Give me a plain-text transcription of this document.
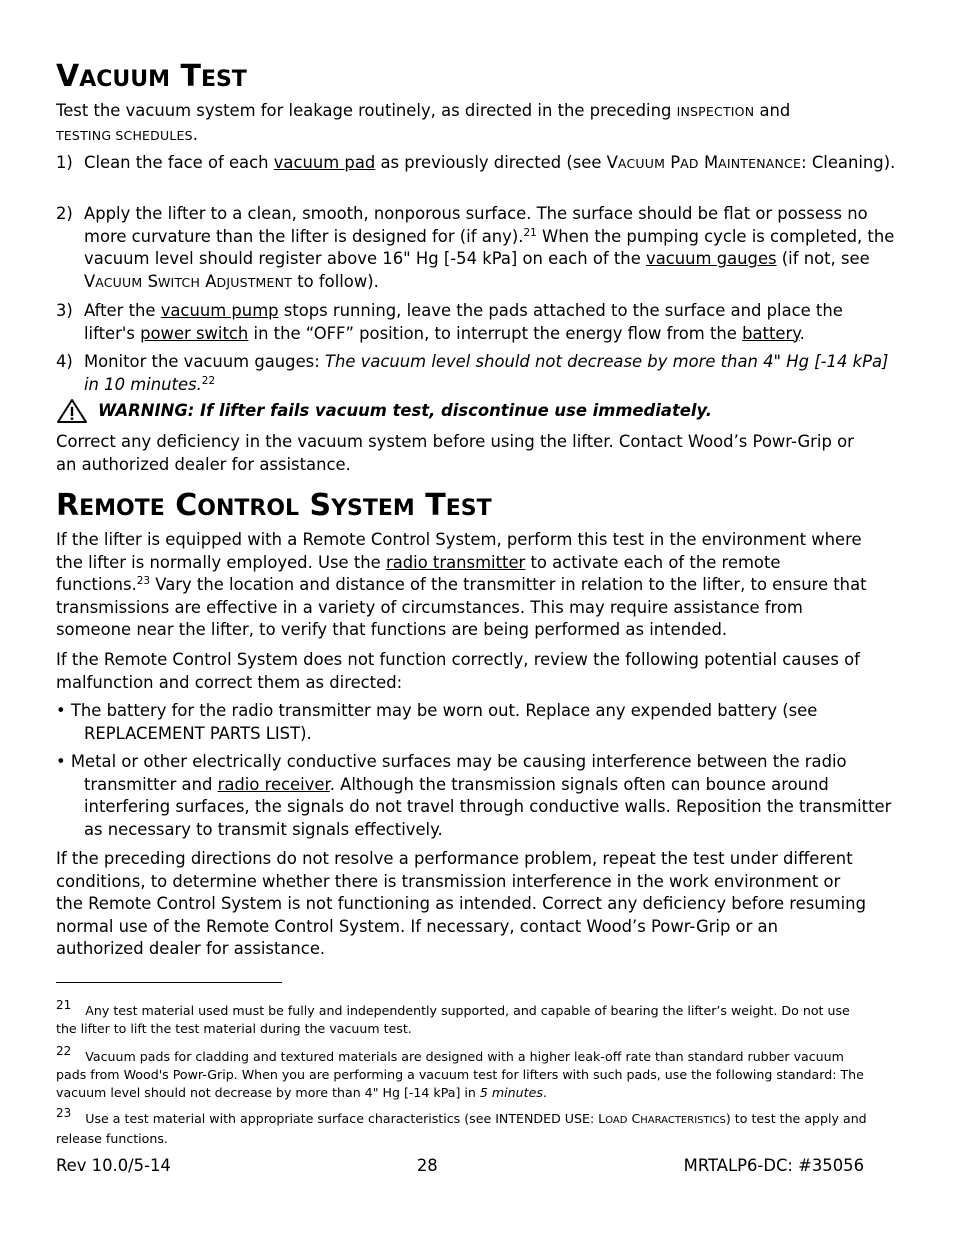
VACUUM TEST

Test the vacuum system for leakage routinely, as directed in the preceding INSPECTION and
TESTING SCHEDULES.

1) Clean the face of each vacuum pad as previously directed (see VACUUM PAD MAINTENANCE: Cleaning).
2) Apply the lifter to a clean, smooth, nonporous surface. The surface should be flat or possess no more curvature than the lifter is designed for (if any).$^{21}$ When the pumping cycle is completed, the vacuum level should register above 16" Hg [-54 kPa] on each of the vacuum gauges (if not, see VACUUM SWITCH ADJUSTMENT to follow).
3) After the vacuum pump stops running, leave the pads attached to the surface and place the lifter's power switch in the “OFF” position, to interrupt the energy flow from the battery.
4) Monitor the vacuum gauges: The vacuum level should not decrease by more than 4" Hg [-14 kPa] in 10 minutes.$^{22}$
WARNING: If lifter fails vacuum test, discontinue use immediately.

Correct any deficiency in the vacuum system before using the lifter. Contact Wood’s Powr-Grip or an authorized dealer for assistance.

REMOTE CONTROL SYSTEM TEST

If the lifter is equipped with a Remote Control System, perform this test in the environment where the lifter is normally employed. Use the radio transmitter to activate each of the remote functions.$^{23}$ Vary the location and distance of the transmitter in relation to the lifter, to ensure that transmissions are effective in a variety of circumstances. This may require assistance from someone near the lifter, to verify that functions are being performed as intended.

If the Remote Control System does not function correctly, review the following potential causes of malfunction and correct them as directed:

• The battery for the radio transmitter may be worn out. Replace any expended battery (see REPLACEMENT PARTS LIST).

• Metal or other electrically conductive surfaces may be causing interference between the radio transmitter and radio receiver. Although the transmission signals often can bounce around interfering surfaces, the signals do not travel through conductive walls. Reposition the transmitter as necessary to transmit signals effectively.

If the preceding directions do not resolve a performance problem, repeat the test under different conditions, to determine whether there is transmission interference in the work environment or the Remote Control System is not functioning as intended. Correct any deficiency before resuming normal use of the Remote Control System. If necessary, contact Wood’s Powr-Grip or an authorized dealer for assistance.

21 Any test material used must be fully and independently supported, and capable of bearing the lifter’s weight. Do not use the lifter to lift the test material during the vacuum test.

22 Vacuum pads for cladding and textured materials are designed with a higher leak-off rate than standard rubber vacuum pads from Wood's Powr-Grip. When you are performing a vacuum test for lifters with such pads, use the following standard: The vacuum level should not decrease by more than 4" Hg [-14 kPa] in 5 minutes.

23 Use a test material with appropriate surface characteristics (see INTENDED USE: LOAD CHARACTERISTICS) to test the apply and release functions.

Rev 10.0/5-14	28	MRTALP6-DC: #35056
